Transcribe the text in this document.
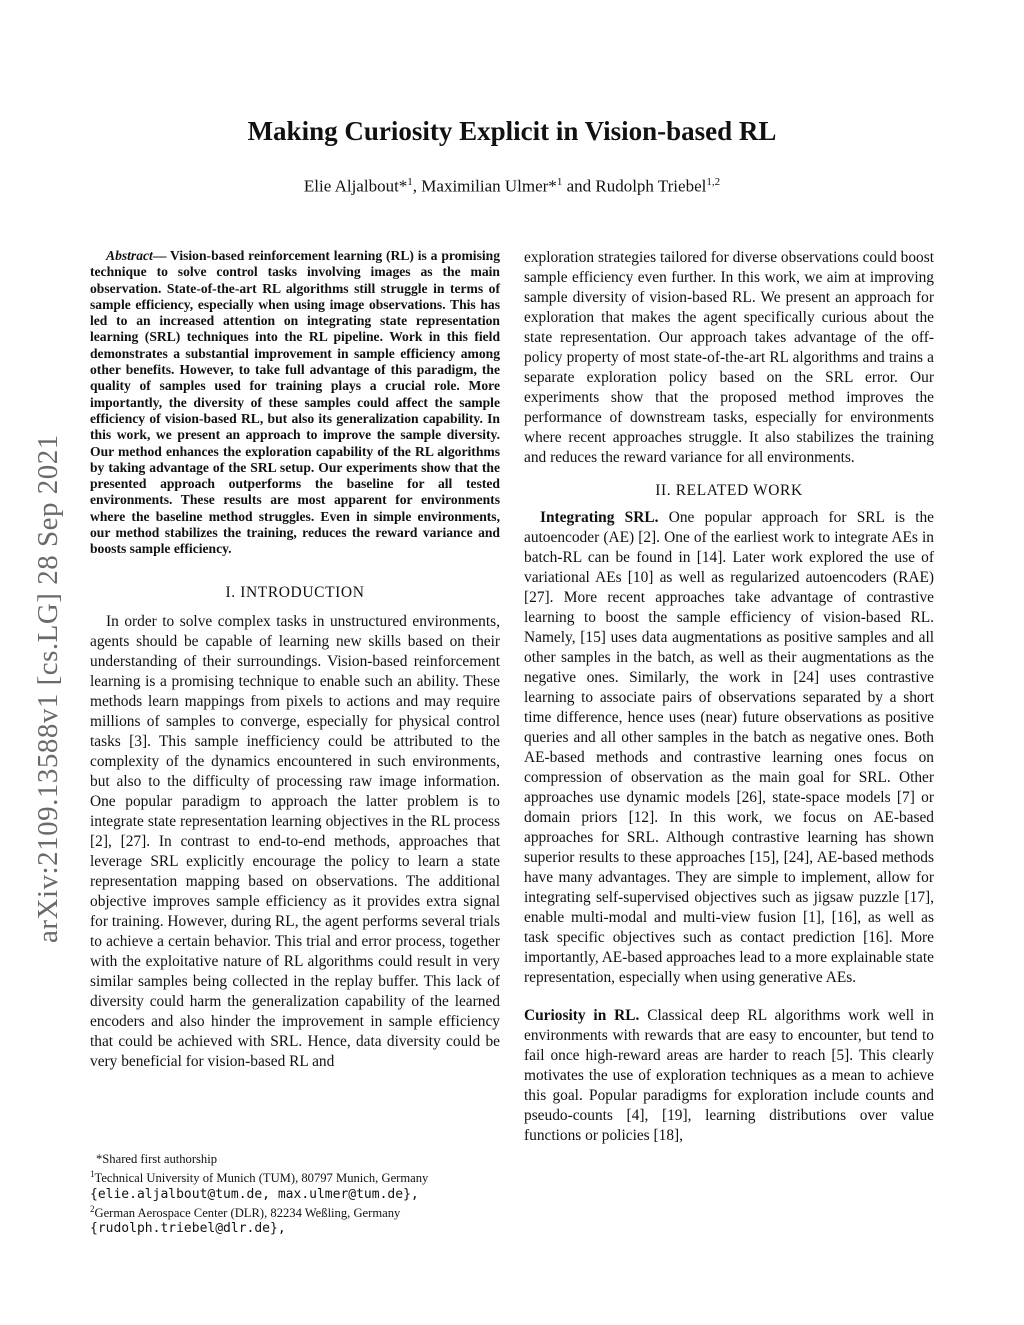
Making Curiosity Explicit in Vision-based RL
Elie Aljalbout*$^1$, Maximilian Ulmer*$^1$ and Rudolph Triebel$^{1,2}$
arXiv:2109.13588v1 [cs.LG] 28 Sep 2021

Abstract— Vision-based reinforcement learning (RL) is a promising technique to solve control tasks involving images as the main observation. State-of-the-art RL algorithms still struggle in terms of sample efficiency, especially when using image observations. This has led to an increased attention on integrating state representation learning (SRL) techniques into the RL pipeline. Work in this field demonstrates a substantial improvement in sample efficiency among other benefits. However, to take full advantage of this paradigm, the quality of samples used for training plays a crucial role. More importantly, the diversity of these samples could affect the sample efficiency of vision-based RL, but also its generalization capability. In this work, we present an approach to improve the sample diversity. Our method enhances the exploration capability of the RL algorithms by taking advantage of the SRL setup. Our experiments show that the presented approach outperforms the baseline for all tested environments. These results are most apparent for environments where the baseline method struggles. Even in simple environments, our method stabilizes the training, reduces the reward variance and boosts sample efficiency.

I. INTRODUCTION

In order to solve complex tasks in unstructured environments, agents should be capable of learning new skills based on their understanding of their surroundings. Vision-based reinforcement learning is a promising technique to enable such an ability. These methods learn mappings from pixels to actions and may require millions of samples to converge, especially for physical control tasks [3]. This sample inefficiency could be attributed to the complexity of the dynamics encountered in such environments, but also to the difficulty of processing raw image information. One popular paradigm to approach the latter problem is to integrate state representation learning objectives in the RL process [2], [27]. In contrast to end-to-end methods, approaches that leverage SRL explicitly encourage the policy to learn a state representation mapping based on observations. The additional objective improves sample efficiency as it provides extra signal for training. However, during RL, the agent performs several trials to achieve a certain behavior. This trial and error process, together with the exploitative nature of RL algorithms could result in very similar samples being collected in the replay buffer. This lack of diversity could harm the generalization capability of the learned encoders and also hinder the improvement in sample efficiency that could be achieved with SRL. Hence, data diversity could be very beneficial for vision-based RL and

*Shared first authorship
$^1$Technical University of Munich (TUM), 80797 Munich, Germany
{elie.aljalbout@tum.de, max.ulmer@tum.de},
$^2$German Aerospace Center (DLR), 82234 Weßling, Germany
{rudolph.triebel@dlr.de},

exploration strategies tailored for diverse observations could boost sample efficiency even further. In this work, we aim at improving sample diversity of vision-based RL. We present an approach for exploration that makes the agent specifically curious about the state representation. Our approach takes advantage of the off-policy property of most state-of-the-art RL algorithms and trains a separate exploration policy based on the SRL error. Our experiments show that the proposed method improves the performance of downstream tasks, especially for environments where recent approaches struggle. It also stabilizes the training and reduces the reward variance for all environments.

II. RELATED WORK

Integrating SRL. One popular approach for SRL is the autoencoder (AE) [2]. One of the earliest work to integrate AEs in batch-RL can be found in [14]. Later work explored the use of variational AEs [10] as well as regularized autoencoders (RAE) [27]. More recent approaches take advantage of contrastive learning to boost the sample efficiency of vision-based RL. Namely, [15] uses data augmentations as positive samples and all other samples in the batch, as well as their augmentations as the negative ones. Similarly, the work in [24] uses contrastive learning to associate pairs of observations separated by a short time difference, hence uses (near) future observations as positive queries and all other samples in the batch as negative ones. Both AE-based methods and contrastive learning ones focus on compression of observation as the main goal for SRL. Other approaches use dynamic models [26], state-space models [7] or domain priors [12]. In this work, we focus on AE-based approaches for SRL. Although contrastive learning has shown superior results to these approaches [15], [24], AE-based methods have many advantages. They are simple to implement, allow for integrating self-supervised objectives such as jigsaw puzzle [17], enable multi-modal and multi-view fusion [1], [16], as well as task specific objectives such as contact prediction [16]. More importantly, AE-based approaches lead to a more explainable state representation, especially when using generative AEs.

Curiosity in RL. Classical deep RL algorithms work well in environments with rewards that are easy to encounter, but tend to fail once high-reward areas are harder to reach [5]. This clearly motivates the use of exploration techniques as a mean to achieve this goal. Popular paradigms for exploration include counts and pseudo-counts [4], [19], learning distributions over value functions or policies [18],
